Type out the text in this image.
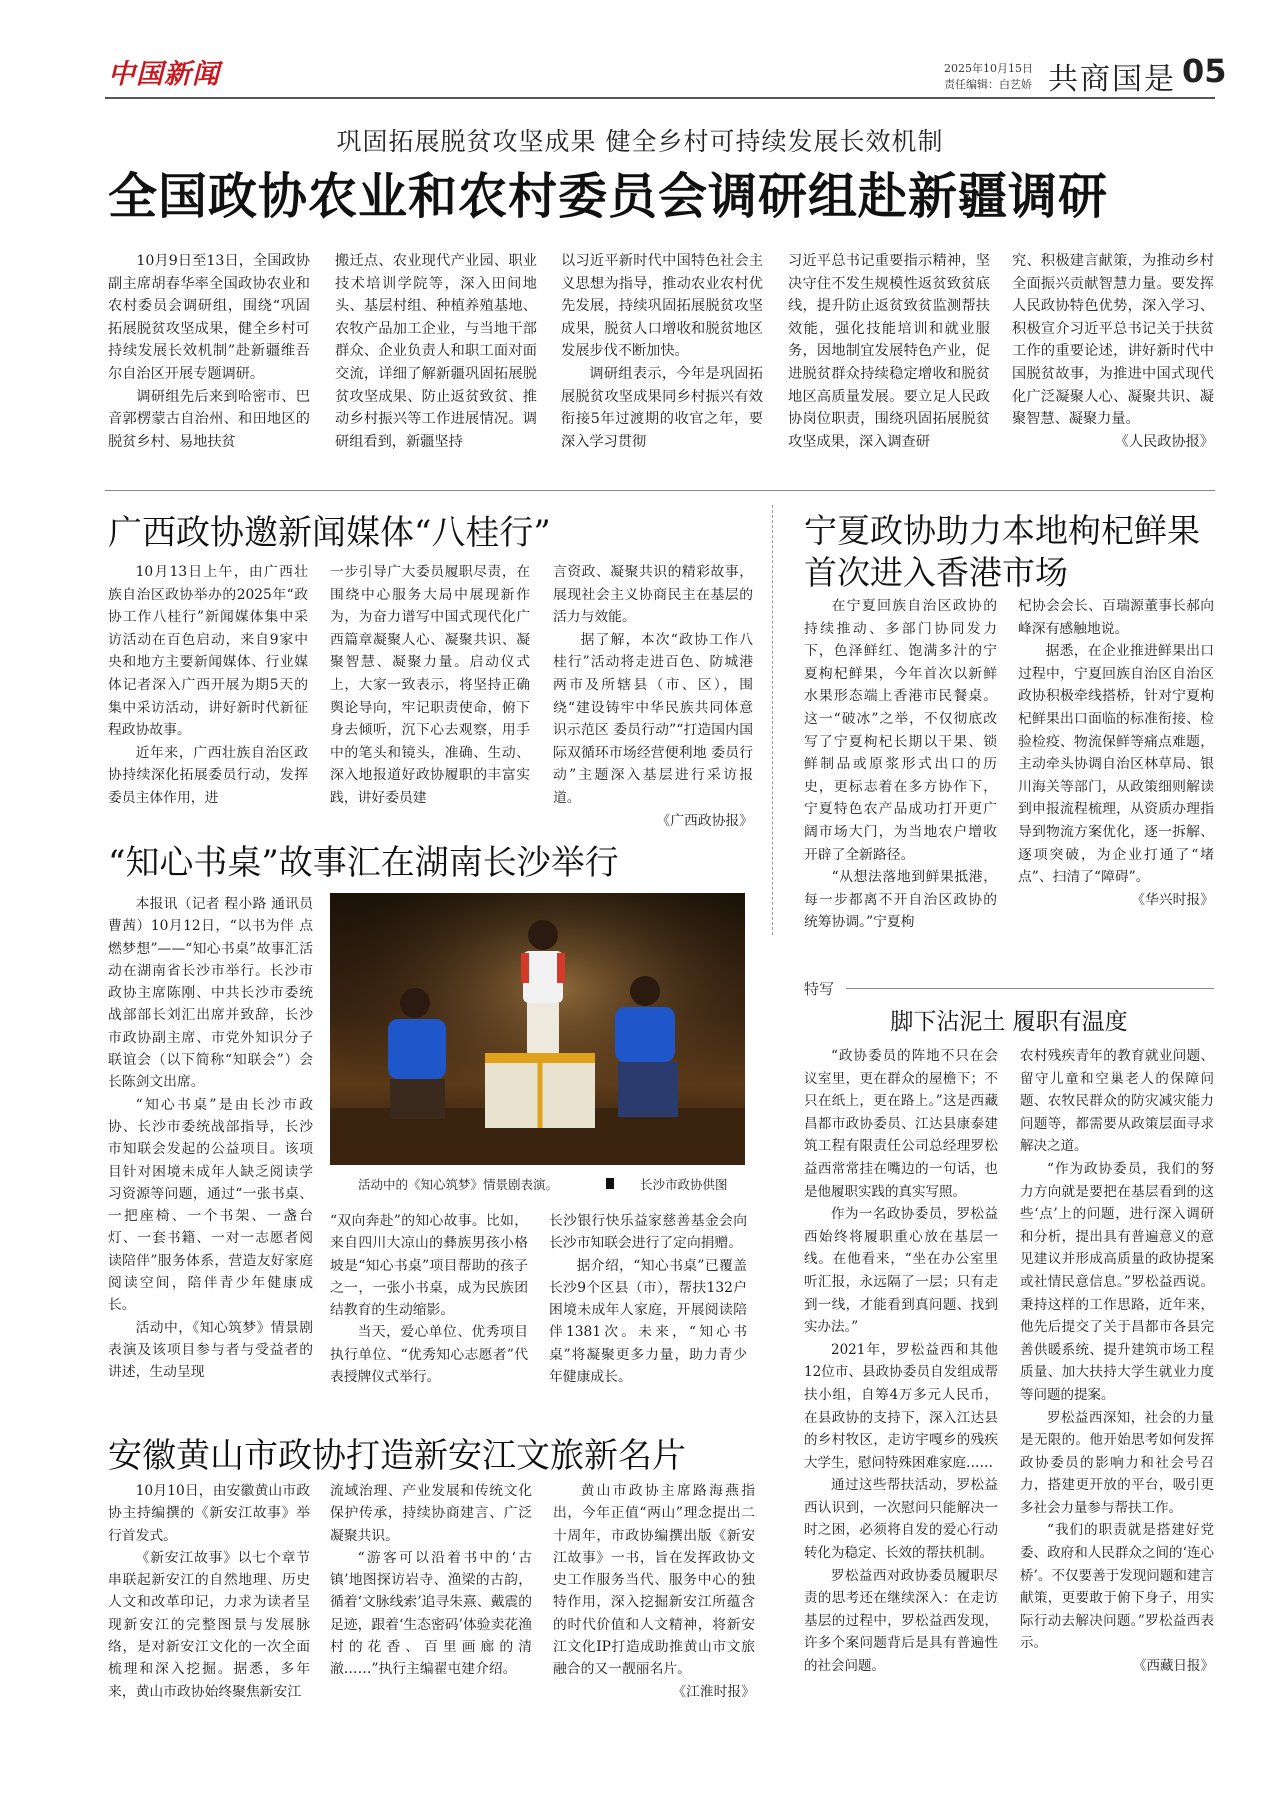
中国新闻	2025年10月15日
责任编辑：白艺娇 共商国是 05
巩固拓展脱贫攻坚成果 健全乡村可持续发展长效机制
全国政协农业和农村委员会调研组赴新疆调研

10月9日至13日，全国政协副主席胡春华率全国政协农业和农村委员会调研组，围绕“巩固拓展脱贫攻坚成果，健全乡村可持续发展长效机制”赴新疆维吾尔自治区开展专题调研。

调研组先后来到哈密市、巴音郭楞蒙古自治州、和田地区的脱贫乡村、易地扶贫

搬迁点、农业现代产业园、职业技术培训学院等，深入田间地头、基层村组、种植养殖基地、农牧产品加工企业，与当地干部群众、企业负责人和职工面对面交流，详细了解新疆巩固拓展脱贫攻坚成果、防止返贫致贫、推动乡村振兴等工作进展情况。调研组看到，新疆坚持

以习近平新时代中国特色社会主义思想为指导，推动农业农村优先发展，持续巩固拓展脱贫攻坚成果，脱贫人口增收和脱贫地区发展步伐不断加快。

调研组表示，今年是巩固拓展脱贫攻坚成果同乡村振兴有效衔接5年过渡期的收官之年，要深入学习贯彻

习近平总书记重要指示精神，坚决守住不发生规模性返贫致贫底线，提升防止返贫致贫监测帮扶效能，强化技能培训和就业服务，因地制宜发展特色产业，促进脱贫群众持续稳定增收和脱贫地区高质量发展。要立足人民政协岗位职责，围绕巩固拓展脱贫攻坚成果，深入调查研

究、积极建言献策，为推动乡村全面振兴贡献智慧力量。要发挥人民政协特色优势，深入学习、积极宣介习近平总书记关于扶贫工作的重要论述，讲好新时代中国脱贫故事，为推进中国式现代化广泛凝聚人心、凝聚共识、凝聚智慧、凝聚力量。

《人民政协报》

广西政协邀新闻媒体“八桂行”

10月13日上午，由广西壮族自治区政协举办的2025年“政协工作八桂行”新闻媒体集中采访活动在百色启动，来自9家中央和地方主要新闻媒体、行业媒体记者深入广西开展为期5天的集中采访活动，讲好新时代新征程政协故事。

近年来，广西壮族自治区政协持续深化拓展委员行动，发挥委员主体作用，进

一步引导广大委员履职尽责，在围绕中心服务大局中展现新作为，为奋力谱写中国式现代化广西篇章凝聚人心、凝聚共识、凝聚智慧、凝聚力量。启动仪式上，大家一致表示，将坚持正确舆论导向，牢记职责使命，俯下身去倾听，沉下心去观察，用手中的笔头和镜头，准确、生动、深入地报道好政协履职的丰富实践，讲好委员建

言资政、凝聚共识的精彩故事，展现社会主义协商民主在基层的活力与效能。

据了解，本次“政协工作八桂行”活动将走进百色、防城港两市及所辖县（市、区），围绕“建设铸牢中华民族共同体意识示范区 委员行动”“打造国内国际双循环市场经营便利地 委员行动”主题深入基层进行采访报道。

《广西政协报》

“知心书桌”故事汇在湖南长沙举行

本报讯（记者 程小路 通讯员 曹茜）10月12日，“以书为伴 点燃梦想”——“知心书桌”故事汇活动在湖南省长沙市举行。长沙市政协主席陈刚、中共长沙市委统战部部长刘汇出席并致辞，长沙市政协副主席、市党外知识分子联谊会（以下简称“知联会”）会长陈剑文出席。

“知心书桌”是由长沙市政协、长沙市委统战部指导，长沙市知联会发起的公益项目。该项目针对困境未成年人缺乏阅读学习资源等问题，通过“一张书桌、一把座椅、一个书架、一盏台灯、一套书籍、一对一志愿者阅读陪伴”服务体系，营造友好家庭阅读空间，陪伴青少年健康成长。

活动中，《知心筑梦》情景剧表演及该项目参与者与受益者的讲述，生动呈现

活动中的《知心筑梦》情景剧表演。	长沙市政协供图

“双向奔赴”的知心故事。比如，来自四川大凉山的彝族男孩小格坡是“知心书桌”项目帮助的孩子之一，一张小书桌，成为民族团结教育的生动缩影。

当天，爱心单位、优秀项目执行单位、“优秀知心志愿者”代表授牌仪式举行。

长沙银行快乐益家慈善基金会向长沙市知联会进行了定向捐赠。

据介绍，“知心书桌”已覆盖长沙9个区县（市），帮扶132户困境未成年人家庭，开展阅读陪伴1381次。未来，“知心书桌”将凝聚更多力量，助力青少年健康成长。

安徽黄山市政协打造新安江文旅新名片

10月10日，由安徽黄山市政协主持编撰的《新安江故事》举行首发式。

《新安江故事》以七个章节串联起新安江的自然地理、历史人文和改革印记，力求为读者呈现新安江的完整图景与发展脉络，是对新安江文化的一次全面梳理和深入挖掘。据悉，多年来，黄山市政协始终聚焦新安江

流域治理、产业发展和传统文化保护传承，持续协商建言、广泛凝聚共识。

“游客可以沿着书中的‘古镇’地图探访岩寺、渔梁的古韵，循着‘文脉线索’追寻朱熹、戴震的足迹，跟着‘生态密码’体验卖花渔村的花香、百里画廊的清澈……”执行主编翟屯建介绍。

黄山市政协主席路海燕指出，今年正值“两山”理念提出二十周年，市政协编撰出版《新安江故事》一书，旨在发挥政协文史工作服务当代、服务中心的独特作用，深入挖掘新安江所蕴含的时代价值和人文精神，将新安江文化IP打造成助推黄山市文旅融合的又一靓丽名片。

《江淮时报》

宁夏政协助力本地枸杞鲜果
首次进入香港市场

在宁夏回族自治区政协的持续推动、多部门协同发力下，色泽鲜红、饱满多汁的宁夏枸杞鲜果，今年首次以新鲜水果形态端上香港市民餐桌。这一“破冰”之举，不仅彻底改写了宁夏枸杞长期以干果、锁鲜制品或原浆形式出口的历史，更标志着在多方协作下，宁夏特色农产品成功打开更广阔市场大门，为当地农户增收开辟了全新路径。

“从想法落地到鲜果抵港，每一步都离不开自治区政协的统筹协调。”宁夏枸

杞协会会长、百瑞源董事长郝向峰深有感触地说。

据悉，在企业推进鲜果出口过程中，宁夏回族自治区自治区政协积极牵线搭桥，针对宁夏枸杞鲜果出口面临的标准衔接、检验检疫、物流保鲜等痛点难题，主动牵头协调自治区林草局、银川海关等部门，从政策细则解读到申报流程梳理，从资质办理指导到物流方案优化，逐一拆解、逐项突破，为企业打通了“堵点”、扫清了“障碍”。

《华兴时报》

特写
脚下沾泥土 履职有温度

“政协委员的阵地不只在会议室里，更在群众的屋檐下；不只在纸上，更在路上。”这是西藏昌都市政协委员、江达县康泰建筑工程有限责任公司总经理罗松益西常常挂在嘴边的一句话，也是他履职实践的真实写照。

作为一名政协委员，罗松益西始终将履职重心放在基层一线。在他看来，“坐在办公室里听汇报，永远隔了一层；只有走到一线，才能看到真问题、找到实办法。”

2021年，罗松益西和其他12位市、县政协委员自发组成帮扶小组，自筹4万多元人民币，在县政协的支持下，深入江达县的乡村牧区，走访宇嘎乡的残疾大学生，慰问特殊困难家庭……

通过这些帮扶活动，罗松益西认识到，一次慰问只能解决一时之困，必须将自发的爱心行动转化为稳定、长效的帮扶机制。

罗松益西对政协委员履职尽责的思考还在继续深入：在走访基层的过程中，罗松益西发现，许多个案问题背后是具有普遍性的社会问题。

农村残疾青年的教育就业问题、留守儿童和空巢老人的保障问题、农牧民群众的防灾减灾能力问题等，都需要从政策层面寻求解决之道。

“作为政协委员，我们的努力方向就是要把在基层看到的这些‘点’上的问题，进行深入调研和分析，提出具有普遍意义的意见建议并形成高质量的政协提案或社情民意信息。”罗松益西说。秉持这样的工作思路，近年来，他先后提交了关于昌都市各县完善供暖系统、提升建筑市场工程质量、加大扶持大学生就业力度等问题的提案。

罗松益西深知，社会的力量是无限的。他开始思考如何发挥政协委员的影响力和社会号召力，搭建更开放的平台，吸引更多社会力量参与帮扶工作。

“我们的职责就是搭建好党委、政府和人民群众之间的‘连心桥’。不仅要善于发现问题和建言献策，更要敢于俯下身子，用实际行动去解决问题。”罗松益西表示。

《西藏日报》
